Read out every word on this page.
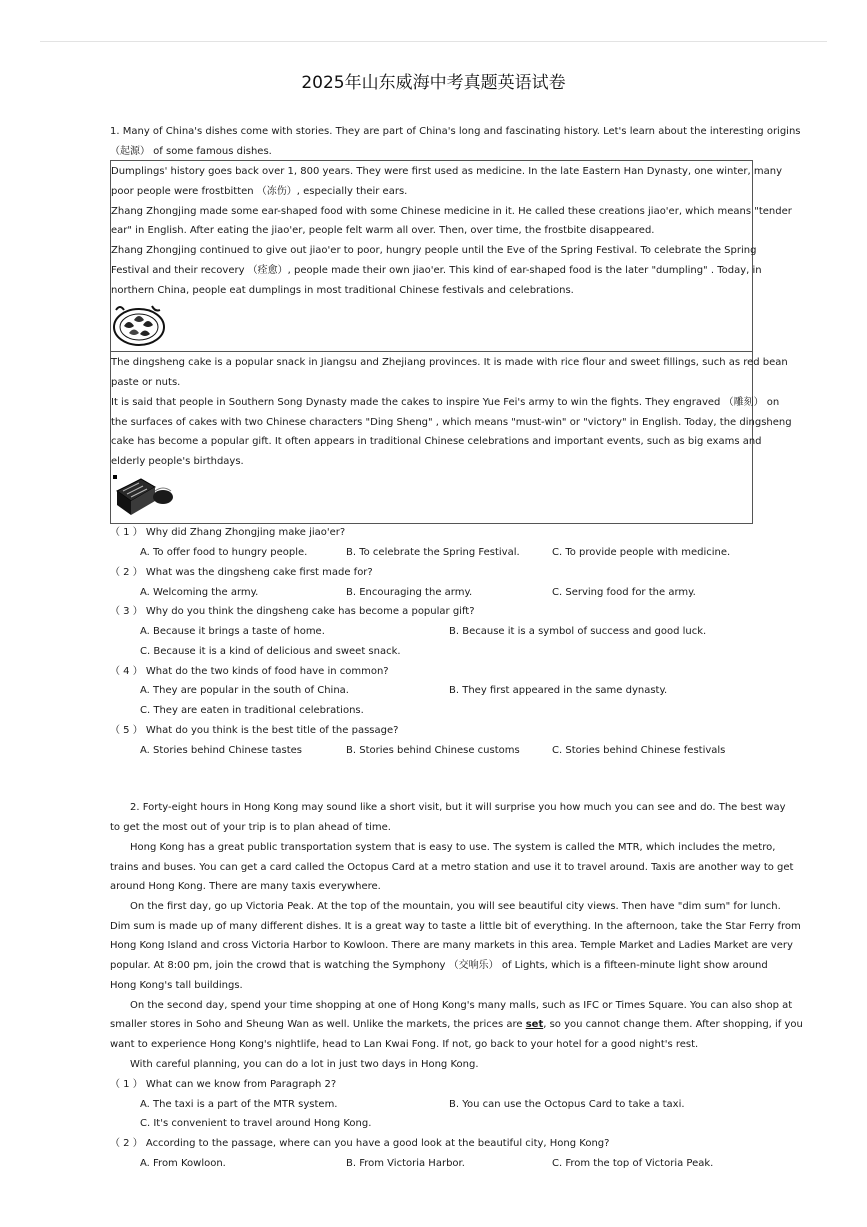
2025年山东威海中考真题英语试卷
1. Many of China's dishes come with stories. They are part of China's long and fascinating history. Let's learn about the interesting origins
（起源） of some famous dishes.
Dumplings' history goes back over 1, 800 years. They were first used as medicine. In the late Eastern Han Dynasty, one winter, many
poor people were frostbitten （冻伤）, especially their ears.
Zhang Zhongjing made some ear-shaped food with some Chinese medicine in it. He called these creations jiao'er, which means "tender
ear" in English. After eating the jiao'er, people felt warm all over. Then, over time, the frostbite disappeared.
Zhang Zhongjing continued to give out jiao'er to poor, hungry people until the Eve of the Spring Festival. To celebrate the Spring
Festival and their recovery （痊愈）, people made their own jiao'er. This kind of ear-shaped food is the later "dumpling" . Today, in
northern China, people eat dumplings in most traditional Chinese festivals and celebrations.
The dingsheng cake is a popular snack in Jiangsu and Zhejiang provinces. It is made with rice flour and sweet fillings, such as red bean
paste or nuts.
It is said that people in Southern Song Dynasty made the cakes to inspire Yue Fei's army to win the fights. They engraved （雕刻） on
the surfaces of cakes with two Chinese characters "Ding Sheng" , which means "must-win" or "victory" in English. Today, the dingsheng
cake has become a popular gift. It often appears in traditional Chinese celebrations and important events, such as big exams and
elderly people's birthdays.
（ 1 ） Why did Zhang Zhongjing make jiao'er?
A. To offer food to hungry people.	B. To celebrate the Spring Festival.	C. To provide people with medicine.
（ 2 ） What was the dingsheng cake first made for?
A. Welcoming the army.	B. Encouraging the army.	C. Serving food for the army.
（ 3 ） Why do you think the dingsheng cake has become a popular gift?
A. Because it brings a taste of home.	B. Because it is a symbol of success and good luck.
C. Because it is a kind of delicious and sweet snack.
（ 4 ） What do the two kinds of food have in common?
A. They are popular in the south of China.	B. They first appeared in the same dynasty.
C. They are eaten in traditional celebrations.
（ 5 ） What do you think is the best title of the passage?
A. Stories behind Chinese tastes	B. Stories behind Chinese customs	C. Stories behind Chinese festivals
2. Forty-eight hours in Hong Kong may sound like a short visit, but it will surprise you how much you can see and do. The best way
to get the most out of your trip is to plan ahead of time.
Hong Kong has a great public transportation system that is easy to use. The system is called the MTR, which includes the metro,
trains and buses. You can get a card called the Octopus Card at a metro station and use it to travel around. Taxis are another way to get
around Hong Kong. There are many taxis everywhere.
On the first day, go up Victoria Peak. At the top of the mountain, you will see beautiful city views. Then have "dim sum" for lunch.
Dim sum is made up of many different dishes. It is a great way to taste a little bit of everything. In the afternoon, take the Star Ferry from
Hong Kong Island and cross Victoria Harbor to Kowloon. There are many markets in this area. Temple Market and Ladies Market are very
popular. At 8:00 pm, join the crowd that is watching the Symphony （交响乐） of Lights, which is a fifteen-minute light show around
Hong Kong's tall buildings.
On the second day, spend your time shopping at one of Hong Kong's many malls, such as IFC or Times Square. You can also shop at
smaller stores in Soho and Sheung Wan as well. Unlike the markets, the prices are set, so you cannot change them. After shopping, if you
want to experience Hong Kong's nightlife, head to Lan Kwai Fong. If not, go back to your hotel for a good night's rest.
With careful planning, you can do a lot in just two days in Hong Kong.
（ 1 ） What can we know from Paragraph 2?
A. The taxi is a part of the MTR system.	B. You can use the Octopus Card to take a taxi.
C. It's convenient to travel around Hong Kong.
（ 2 ） According to the passage, where can you have a good look at the beautiful city, Hong Kong?
A. From Kowloon.	B. From Victoria Harbor.	C. From the top of Victoria Peak.
